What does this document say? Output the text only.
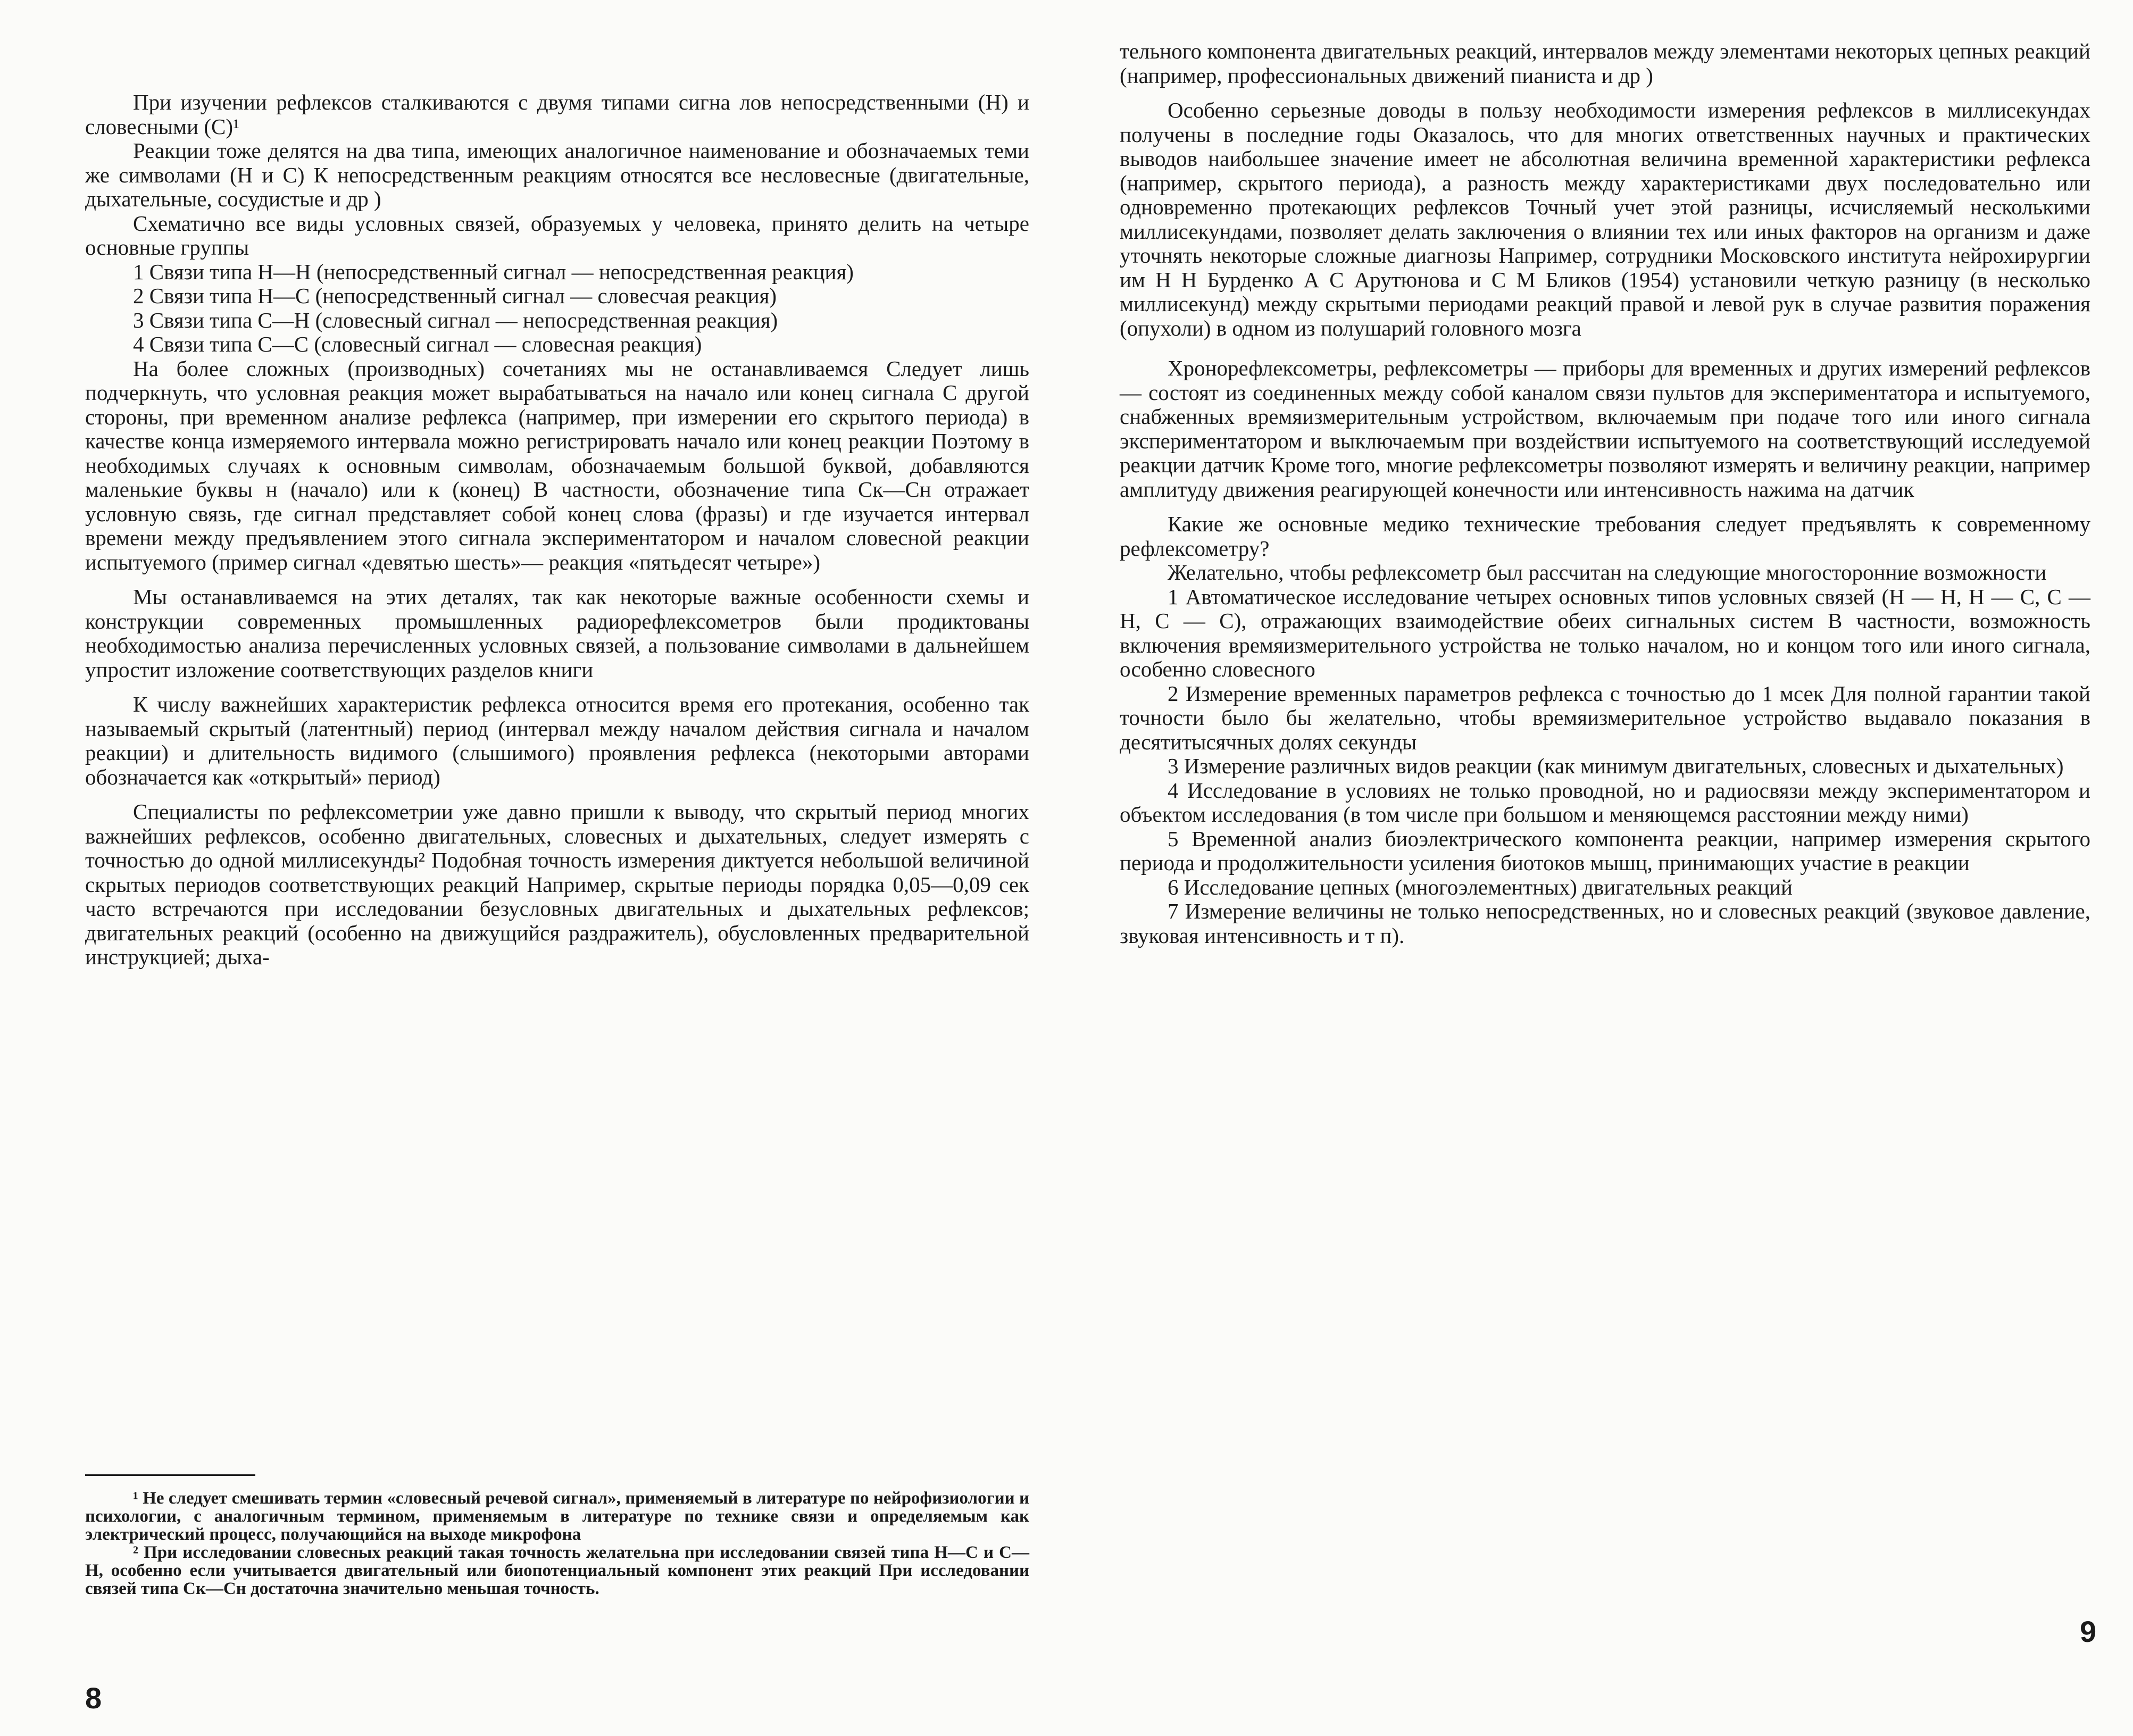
При изучении рефлексов сталкиваются с двумя типами сигна лов непосредственными (Н) и словесными (С)¹

Реакции тоже делятся на два типа, имеющих аналогичное наименование и обозначаемых теми же символами (Н и С) К непосредственным реакциям относятся все несловесные (двигательные, дыхательные, сосудистые и др )

Схематично все виды условных связей, образуемых у человека, принято делить на четыре основные группы

1 Связи типа Н—Н (непосредственный сигнал — непосредственная реакция)

2 Связи типа Н—С (непосредственный сигнал — словесчая реакция)

3 Связи типа С—Н (словесный сигнал — непосредственная реакция)

4 Связи типа С—С (словесный сигнал — словесная реакция)

На более сложных (производных) сочетаниях мы не останавливаемся Следует лишь подчеркнуть, что условная реакция может вырабатываться на начало или конец сигнала С другой стороны, при временном анализе рефлекса (например, при измерении его скрытого периода) в качестве конца измеряемого интервала можно регистрировать начало или конец реакции Поэтому в необходимых случаях к основным символам, обозначаемым большой буквой, добавляются маленькие буквы н (начало) или к (конец) В частности, обозначение типа Ск—Сн отражает условную связь, где сигнал представляет собой конец слова (фразы) и где изучается интервал времени между предъявлением этого сигнала экспериментатором и началом словесной реакции испытуемого (пример сигнал «девятью шесть»— реакция «пятьдесят четыре»)

Мы останавливаемся на этих деталях, так как некоторые важные особенности схемы и конструкции современных промышленных радиорефлексометров были продиктованы необходимостью анализа перечисленных условных связей, а пользование символами в дальнейшем упростит изложение соответствующих разделов книги

К числу важнейших характеристик рефлекса относится время его протекания, особенно так называемый скрытый (латентный) период (интервал между началом действия сигнала и началом реакции) и длительность видимого (слышимого) проявления рефлекса (некоторыми авторами обозначается как «открытый» период)

Специалисты по рефлексометрии уже давно пришли к выводу, что скрытый период многих важнейших рефлексов, особенно двигательных, словесных и дыхательных, следует измерять с точностью до одной миллисекунды² Подобная точность измерения диктуется небольшой величиной скрытых периодов соответствующих реакций Например, скрытые периоды порядка 0,05—0,09 сек часто встречаются при исследовании безусловных двигательных и дыхательных рефлексов; двигательных реакций (особенно на движущийся раздражитель), обусловленных предварительной инструкцией; дыха-

¹ Не следует смешивать термин «словесный речевой сигнал», применяемый в литературе по нейрофизиологии и психологии, с аналогичным термином, применяемым в литературе по технике связи и определяемым как электрический процесс, получающийся на выходе микрофона

² При исследовании словесных реакций такая точность желательна при исследовании связей типа Н—С и С—Н, особенно если учитывается двигательный или биопотенциальный компонент этих реакций При исследовании связей типа Ск—Сн достаточна значительно меньшая точность.

8

тельного компонента двигательных реакций, интервалов между элементами некоторых цепных реакций (например, профессиональных движений пианиста и др )

Особенно серьезные доводы в пользу необходимости измерения рефлексов в миллисекундах получены в последние годы Оказалось, что для многих ответственных научных и практических выводов наибольшее значение имеет не абсолютная величина временной характеристики рефлекса (например, скрытого периода), а разность между характеристиками двух последовательно или одновременно протекающих рефлексов Точный учет этой разницы, исчисляемый несколькими миллисекундами, позволяет делать заключения о влиянии тех или иных факторов на организм и даже уточнять некоторые сложные диагнозы Например, сотрудники Московского института нейрохирургии им Н Н Бурденко А С Арутюнова и С М Бликов (1954) установили четкую разницу (в несколько миллисекунд) между скрытыми периодами реакций правой и левой рук в случае развития поражения (опухоли) в одном из полушарий головного мозга

Хронорефлексометры, рефлексометры — приборы для временных и других измерений рефлексов — состоят из соединенных между собой каналом связи пультов для экспериментатора и испытуемого, снабженных времяизмерительным устройством, включаемым при подаче того или иного сигнала экспериментатором и выключаемым при воздействии испытуемого на соответствующий исследуемой реакции датчик Кроме того, многие рефлексометры позволяют измерять и величину реакции, например амплитуду движения реагирующей конечности или интенсивность нажима на датчик

Какие же основные медико технические требования следует предъявлять к современному рефлексометру?

Желательно, чтобы рефлексометр был рассчитан на следующие многосторонние возможности

1 Автоматическое исследование четырех основных типов условных связей (Н — Н, Н — С, С — Н, С — С), отражающих взаимодействие обеих сигнальных систем В частности, возможность включения времяизмерительного устройства не только началом, но и концом того или иного сигнала, особенно словесного

2 Измерение временных параметров рефлекса с точностью до 1 мсек Для полной гарантии такой точности было бы желательно, чтобы времяизмерительное устройство выдавало показания в десятитысячных долях секунды

3 Измерение различных видов реакции (как минимум двигательных, словесных и дыхательных)

4 Исследование в условиях не только проводной, но и радиосвязи между экспериментатором и объектом исследования (в том числе при большом и меняющемся расстоянии между ними)

5 Временной анализ биоэлектрического компонента реакции, например измерения скрытого периода и продолжительности усиления биотоков мышц, принимающих участие в реакции

6 Исследование цепных (многоэлементных) двигательных реакций

7 Измерение величины не только непосредственных, но и словесных реакций (звуковое давление, звуковая интенсивность и т п).

9
